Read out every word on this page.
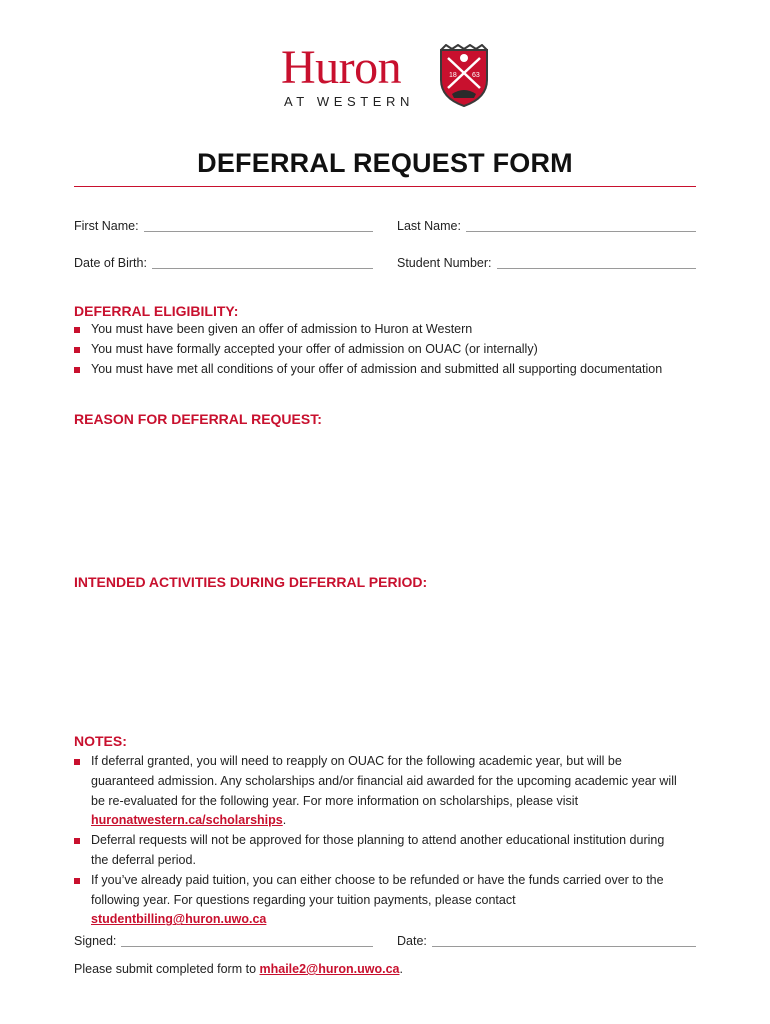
Huron
AT WESTERN
18 63
DEFERRAL REQUEST FORM
First Name:	Last Name:
Date of Birth:	Student Number:
DEFERRAL ELIGIBILITY:
You must have been given an offer of admission to Huron at Western
You must have formally accepted your offer of admission on OUAC (or internally)
You must have met all conditions of your offer of admission and submitted all supporting documentation
REASON FOR DEFERRAL REQUEST:
INTENDED ACTIVITIES DURING DEFERRAL PERIOD:
NOTES:
If deferral granted, you will need to reapply on OUAC for the following academic year, but will be guaranteed admission. Any scholarships and/or financial aid awarded for the upcoming academic year will be re-evaluated for the following year. For more information on scholarships, please visit huronatwestern.ca/scholarships.
Deferral requests will not be approved for those planning to attend another educational institution during the deferral period.
If you’ve already paid tuition, you can either choose to be refunded or have the funds carried over to the following year. For questions regarding your tuition payments, please contact studentbilling@huron.uwo.ca
Signed:	Date:
Please submit completed form to mhaile2@huron.uwo.ca.
